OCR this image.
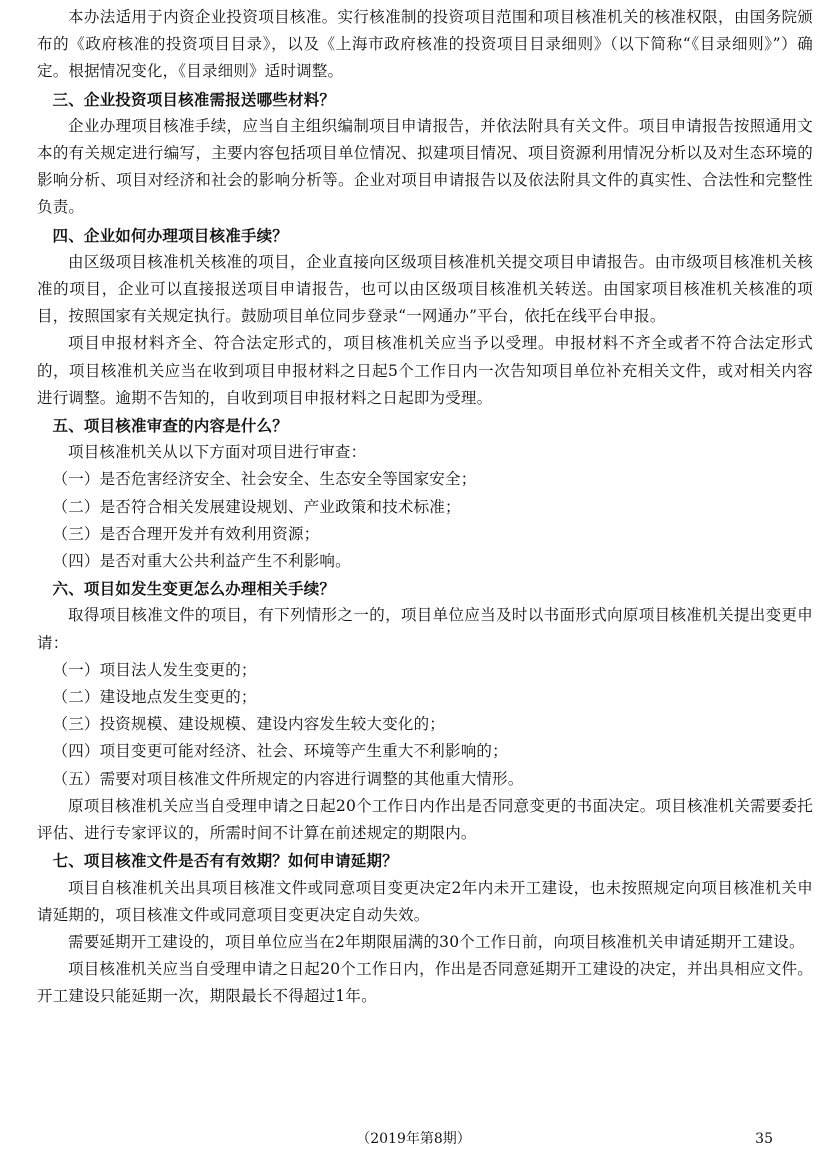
本办法适用于内资企业投资项目核准。实行核准制的投资项目范围和项目核准机关的核准权限，由国务院颁布的《政府核准的投资项目目录》，以及《上海市政府核准的投资项目目录细则》（以下简称“《目录细则》”）确定。根据情况变化，《目录细则》适时调整。

三、企业投资项目核准需报送哪些材料？

企业办理项目核准手续，应当自主组织编制项目申请报告，并依法附具有关文件。项目申请报告按照通用文本的有关规定进行编写，主要内容包括项目单位情况、拟建项目情况、项目资源利用情况分析以及对生态环境的影响分析、项目对经济和社会的影响分析等。企业对项目申请报告以及依法附具文件的真实性、合法性和完整性负责。

四、企业如何办理项目核准手续？

由区级项目核准机关核准的项目，企业直接向区级项目核准机关提交项目申请报告。由市级项目核准机关核准的项目，企业可以直接报送项目申请报告，也可以由区级项目核准机关转送。由国家项目核准机关核准的项目，按照国家有关规定执行。鼓励项目单位同步登录“一网通办”平台，依托在线平台申报。

项目申报材料齐全、符合法定形式的，项目核准机关应当予以受理。申报材料不齐全或者不符合法定形式的，项目核准机关应当在收到项目申报材料之日起5个工作日内一次告知项目单位补充相关文件，或对相关内容进行调整。逾期不告知的，自收到项目申报材料之日起即为受理。

五、项目核准审查的内容是什么？

项目核准机关从以下方面对项目进行审查：

（一）是否危害经济安全、社会安全、生态安全等国家安全；

（二）是否符合相关发展建设规划、产业政策和技术标准；

（三）是否合理开发并有效利用资源；

（四）是否对重大公共利益产生不利影响。

六、项目如发生变更怎么办理相关手续？

取得项目核准文件的项目，有下列情形之一的，项目单位应当及时以书面形式向原项目核准机关提出变更申请：

（一）项目法人发生变更的；

（二）建设地点发生变更的；

（三）投资规模、建设规模、建设内容发生较大变化的；

（四）项目变更可能对经济、社会、环境等产生重大不利影响的；

（五）需要对项目核准文件所规定的内容进行调整的其他重大情形。

原项目核准机关应当自受理申请之日起20个工作日内作出是否同意变更的书面决定。项目核准机关需要委托评估、进行专家评议的，所需时间不计算在前述规定的期限内。

七、项目核准文件是否有有效期？如何申请延期？

项目自核准机关出具项目核准文件或同意项目变更决定2年内未开工建设，也未按照规定向项目核准机关申请延期的，项目核准文件或同意项目变更决定自动失效。

需要延期开工建设的，项目单位应当在2年期限届满的30个工作日前，向项目核准机关申请延期开工建设。

项目核准机关应当自受理申请之日起20个工作日内，作出是否同意延期开工建设的决定，并出具相应文件。开工建设只能延期一次，期限最长不得超过1年。

（2019年第8期）	35
